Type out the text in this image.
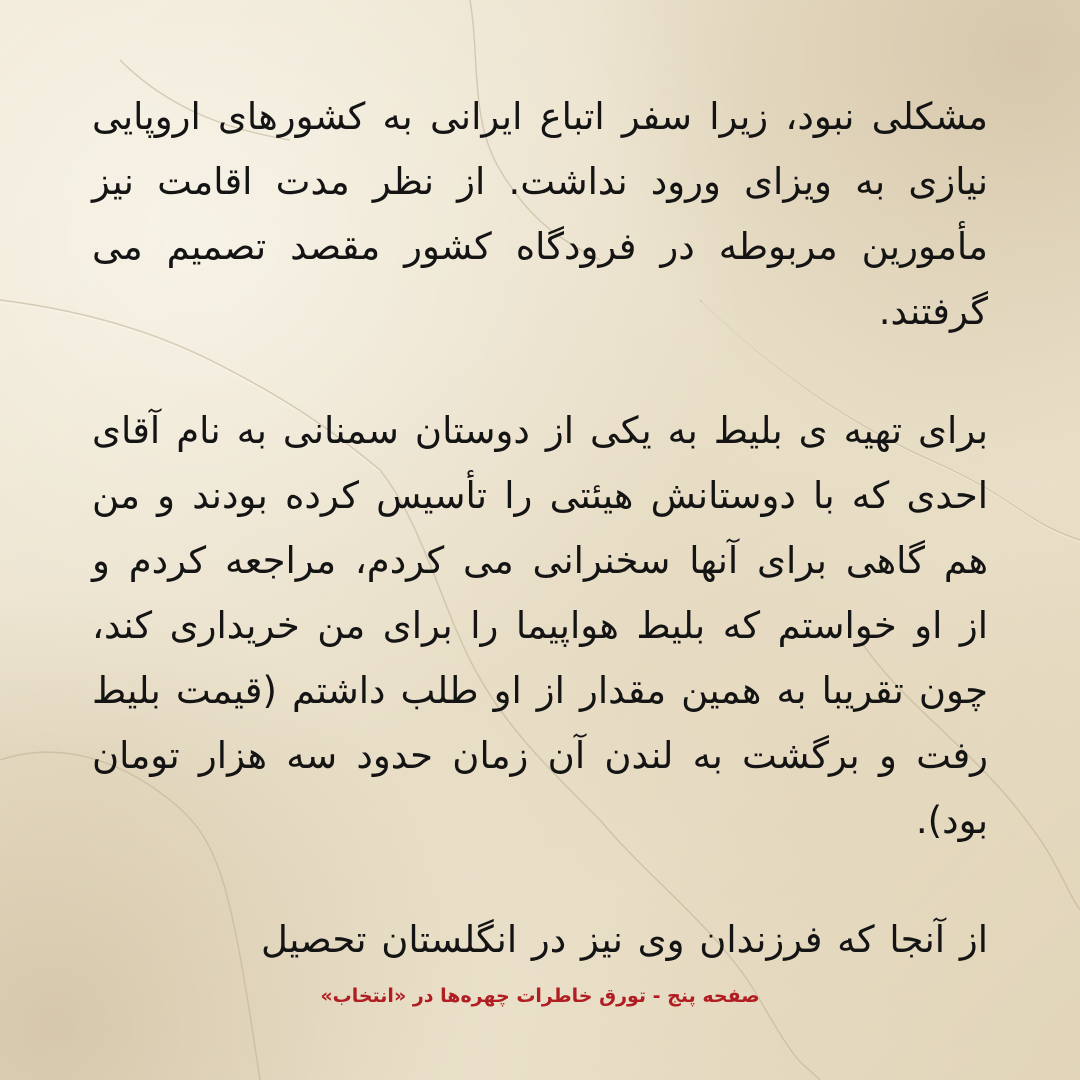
مشکلی نبود، زیرا سفر اتباع ایرانی به کشورهای اروپایی نیازی به ویزای ورود نداشت. از نظر مدت اقامت نیز مأمورین مربوطه در فرودگاه کشور مقصد تصمیم می گرفتند.

برای تهیه ی بلیط به یکی از دوستان سمنانی به نام آقای احدی که با دوستانش هیئتی را تأسیس کرده بودند و من هم گاهی برای آنها سخنرانی می کردم، مراجعه کردم و از او خواستم که بلیط هواپیما را برای من خریداری کند، چون تقریبا به همین مقدار از او طلب داشتم (قیمت بلیط رفت و برگشت به لندن آن زمان حدود سه هزار تومان بود).

از آنجا که فرزندان وی نیز در انگلستان تحصیل

صفحه پنج - تورق خاطرات چهره‌ها در «انتخاب»
